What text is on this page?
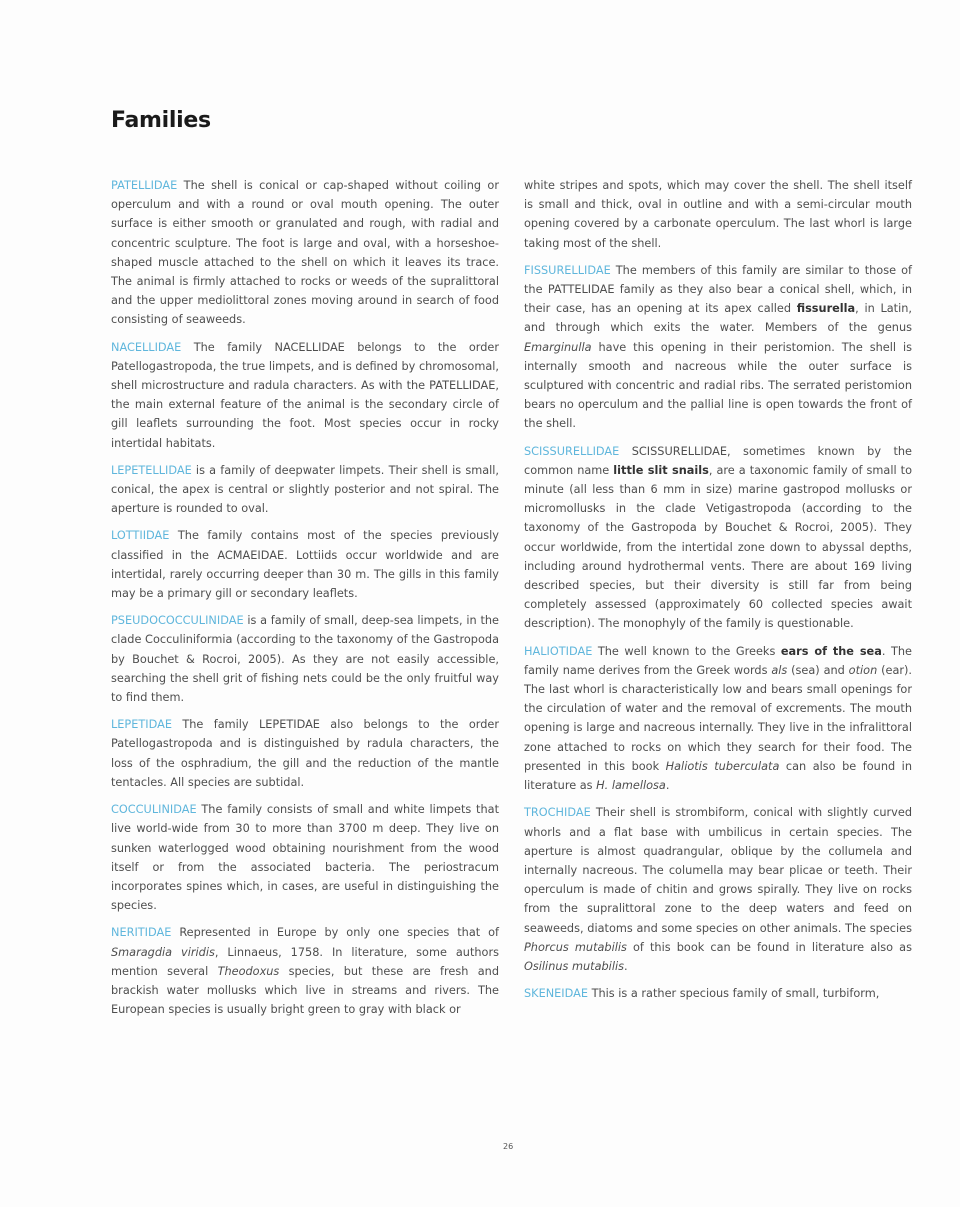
Families

PATELLIDAE The shell is conical or cap-shaped without coiling or operculum and with a round or oval mouth opening. The outer surface is either smooth or granulated and rough, with radial and concentric sculpture. The foot is large and oval, with a horseshoe-shaped muscle attached to the shell on which it leaves its trace. The animal is firmly attached to rocks or weeds of the supralittoral and the upper mediolittoral zones moving around in search of food consisting of seaweeds.

NACELLIDAE The family NACELLIDAE belongs to the order Patellogastropoda, the true limpets, and is defined by chromosomal, shell microstructure and radula characters. As with the PATELLIDAE, the main external feature of the animal is the secondary circle of gill leaflets surrounding the foot. Most species occur in rocky intertidal habitats.

LEPETELLIDAE is a family of deepwater limpets. Their shell is small, conical, the apex is central or slightly posterior and not spiral. The aperture is rounded to oval.

LOTTIIDAE The family contains most of the species previously classified in the ACMAEIDAE. Lottiids occur worldwide and are intertidal, rarely occurring deeper than 30 m. The gills in this family may be a primary gill or secondary leaflets.

PSEUDOCOCCULINIDAE is a family of small, deep-sea limpets, in the clade Cocculiniformia (according to the taxonomy of the Gastropoda by Bouchet & Rocroi, 2005). As they are not easily accessible, searching the shell grit of fishing nets could be the only fruitful way to find them.

LEPETIDAE The family LEPETIDAE also belongs to the order Patellogastropoda and is distinguished by radula characters, the loss of the osphradium, the gill and the reduction of the mantle tentacles. All species are subtidal.

COCCULINIDAE The family consists of small and white limpets that live world-wide from 30 to more than 3700 m deep. They live on sunken waterlogged wood obtaining nourishment from the wood itself or from the associated bacteria. The periostracum incorporates spines which, in cases, are useful in distinguishing the species.

NERITIDAE Represented in Europe by only one species that of Smaragdia viridis, Linnaeus, 1758. In literature, some authors mention several Theodoxus species, but these are fresh and brackish water mollusks which live in streams and rivers. The European species is usually bright green to gray with black or

white stripes and spots, which may cover the shell. The shell itself is small and thick, oval in outline and with a semi-circular mouth opening covered by a carbonate operculum. The last whorl is large taking most of the shell.

FISSURELLIDAE The members of this family are similar to those of the PATTELIDAE family as they also bear a conical shell, which, in their case, has an opening at its apex called fissurella, in Latin, and through which exits the water. Members of the genus Emarginulla have this opening in their peristomion. The shell is internally smooth and nacreous while the outer surface is sculptured with concentric and radial ribs. The serrated peristomion bears no operculum and the pallial line is open towards the front of the shell.

SCISSURELLIDAE SCISSURELLIDAE, sometimes known by the common name little slit snails, are a taxonomic family of small to minute (all less than 6 mm in size) marine gastropod mollusks or micromollusks in the clade Vetigastropoda (according to the taxonomy of the Gastropoda by Bouchet & Rocroi, 2005). They occur worldwide, from the intertidal zone down to abyssal depths, including around hydrothermal vents. There are about 169 living described species, but their diversity is still far from being completely assessed (approximately 60 collected species await description). The monophyly of the family is questionable.

HALIOTIDAE The well known to the Greeks ears of the sea. The family name derives from the Greek words als (sea) and otion (ear). The last whorl is characteristically low and bears small openings for the circulation of water and the removal of excrements. The mouth opening is large and nacreous internally. They live in the infralittoral zone attached to rocks on which they search for their food. The presented in this book Haliotis tuberculata can also be found in literature as H. lamellosa.

TROCHIDAE Their shell is strombiform, conical with slightly curved whorls and a flat base with umbilicus in certain species. The aperture is almost quadrangular, oblique by the collumela and internally nacreous. The columella may bear plicae or teeth. Their operculum is made of chitin and grows spirally. They live on rocks from the supralittoral zone to the deep waters and feed on seaweeds, diatoms and some species on other animals. The species Phorcus mutabilis of this book can be found in literature also as Osilinus mutabilis.

SKENEIDAE This is a rather specious family of small, turbiform,

26
